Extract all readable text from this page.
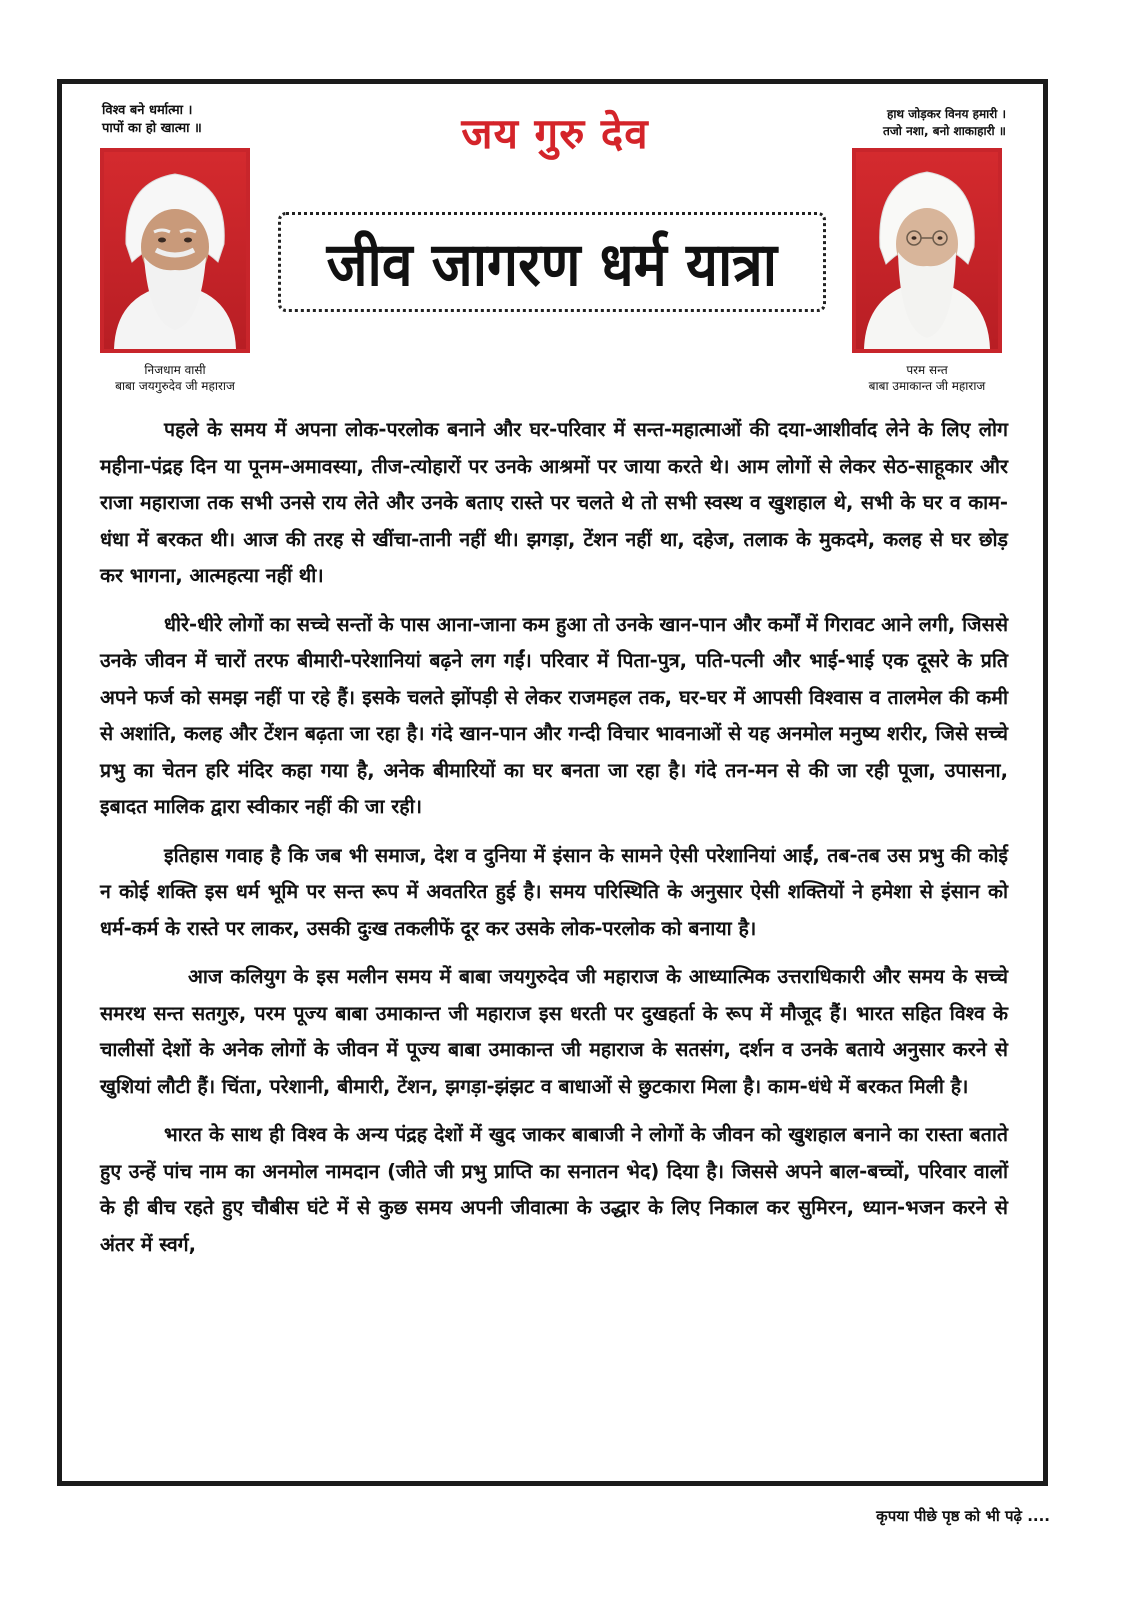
विश्व बने धर्मात्मा ।
पापों का हो खात्मा ॥	जय गुरु देव	हाथ जोड़कर विनय हमारी ।
तजो नशा, बनो शाकाहारी ॥
जीव जागरण धर्म यात्रा
निजधाम वासी
बाबा जयगुरुदेव जी महाराज
परम सन्त
बाबा उमाकान्त जी महाराज

पहले के समय में अपना लोक-परलोक बनाने और घर-परिवार में सन्त-महात्माओं की दया-आशीर्वाद लेने के लिए लोग महीना-पंद्रह दिन या पूनम-अमावस्या, तीज-त्योहारों पर उनके आश्रमों पर जाया करते थे। आम लोगों से लेकर सेठ-साहूकार और राजा महाराजा तक सभी उनसे राय लेते और उनके बताए रास्ते पर चलते थे तो सभी स्वस्थ व खुशहाल थे, सभी के घर व काम-धंधा में बरकत थी। आज की तरह से खींचा-तानी नहीं थी। झगड़ा, टेंशन नहीं था, दहेज, तलाक के मुकदमे, कलह से घर छोड़ कर भागना, आत्महत्या नहीं थी।

धीरे-धीरे लोगों का सच्चे सन्तों के पास आना-जाना कम हुआ तो उनके खान-पान और कर्मों में गिरावट आने लगी, जिससे उनके जीवन में चारों तरफ बीमारी-परेशानियां बढ़ने लग गईं। परिवार में पिता-पुत्र, पति-पत्नी और भाई-भाई एक दूसरे के प्रति अपने फर्ज को समझ नहीं पा रहे हैं। इसके चलते झोंपड़ी से लेकर राजमहल तक, घर-घर में आपसी विश्वास व तालमेल की कमी से अशांति, कलह और टेंशन बढ़ता जा रहा है। गंदे खान-पान और गन्दी विचार भावनाओं से यह अनमोल मनुष्य शरीर, जिसे सच्चे प्रभु का चेतन हरि मंदिर कहा गया है, अनेक बीमारियों का घर बनता जा रहा है। गंदे तन-मन से की जा रही पूजा, उपासना, इबादत मालिक द्वारा स्वीकार नहीं की जा रही।

इतिहास गवाह है कि जब भी समाज, देश व दुनिया में इंसान के सामने ऐसी परेशानियां आईं, तब-तब उस प्रभु की कोई न कोई शक्ति इस धर्म भूमि पर सन्त रूप में अवतरित हुई है। समय परिस्थिति के अनुसार ऐसी शक्तियों ने हमेशा से इंसान को धर्म-कर्म के रास्ते पर लाकर, उसकी दुःख तकलीफें दूर कर उसके लोक-परलोक को बनाया है।

आज कलियुग के इस मलीन समय में बाबा जयगुरुदेव जी महाराज के आध्यात्मिक उत्तराधिकारी और समय के सच्चे समरथ सन्त सतगुरु, परम पूज्य बाबा उमाकान्त जी महाराज इस धरती पर दुखहर्ता के रूप में मौजूद हैं। भारत सहित विश्व के चालीसों देशों के अनेक लोगों के जीवन में पूज्य बाबा उमाकान्त जी महाराज के सतसंग, दर्शन व उनके बताये अनुसार करने से खुशियां लौटी हैं। चिंता, परेशानी, बीमारी, टेंशन, झगड़ा-झंझट व बाधाओं से छुटकारा मिला है। काम-धंधे में बरकत मिली है।

भारत के साथ ही विश्व के अन्य पंद्रह देशों में खुद जाकर बाबाजी ने लोगों के जीवन को खुशहाल बनाने का रास्ता बताते हुए उन्हें पांच नाम का अनमोल नामदान (जीते जी प्रभु प्राप्ति का सनातन भेद) दिया है। जिससे अपने बाल-बच्चों, परिवार वालों के ही बीच रहते हुए चौबीस घंटे में से कुछ समय अपनी जीवात्मा के उद्धार के लिए निकाल कर सुमिरन, ध्यान-भजन करने से अंतर में स्वर्ग,

कृपया पीछे पृष्ठ को भी पढ़े ....
